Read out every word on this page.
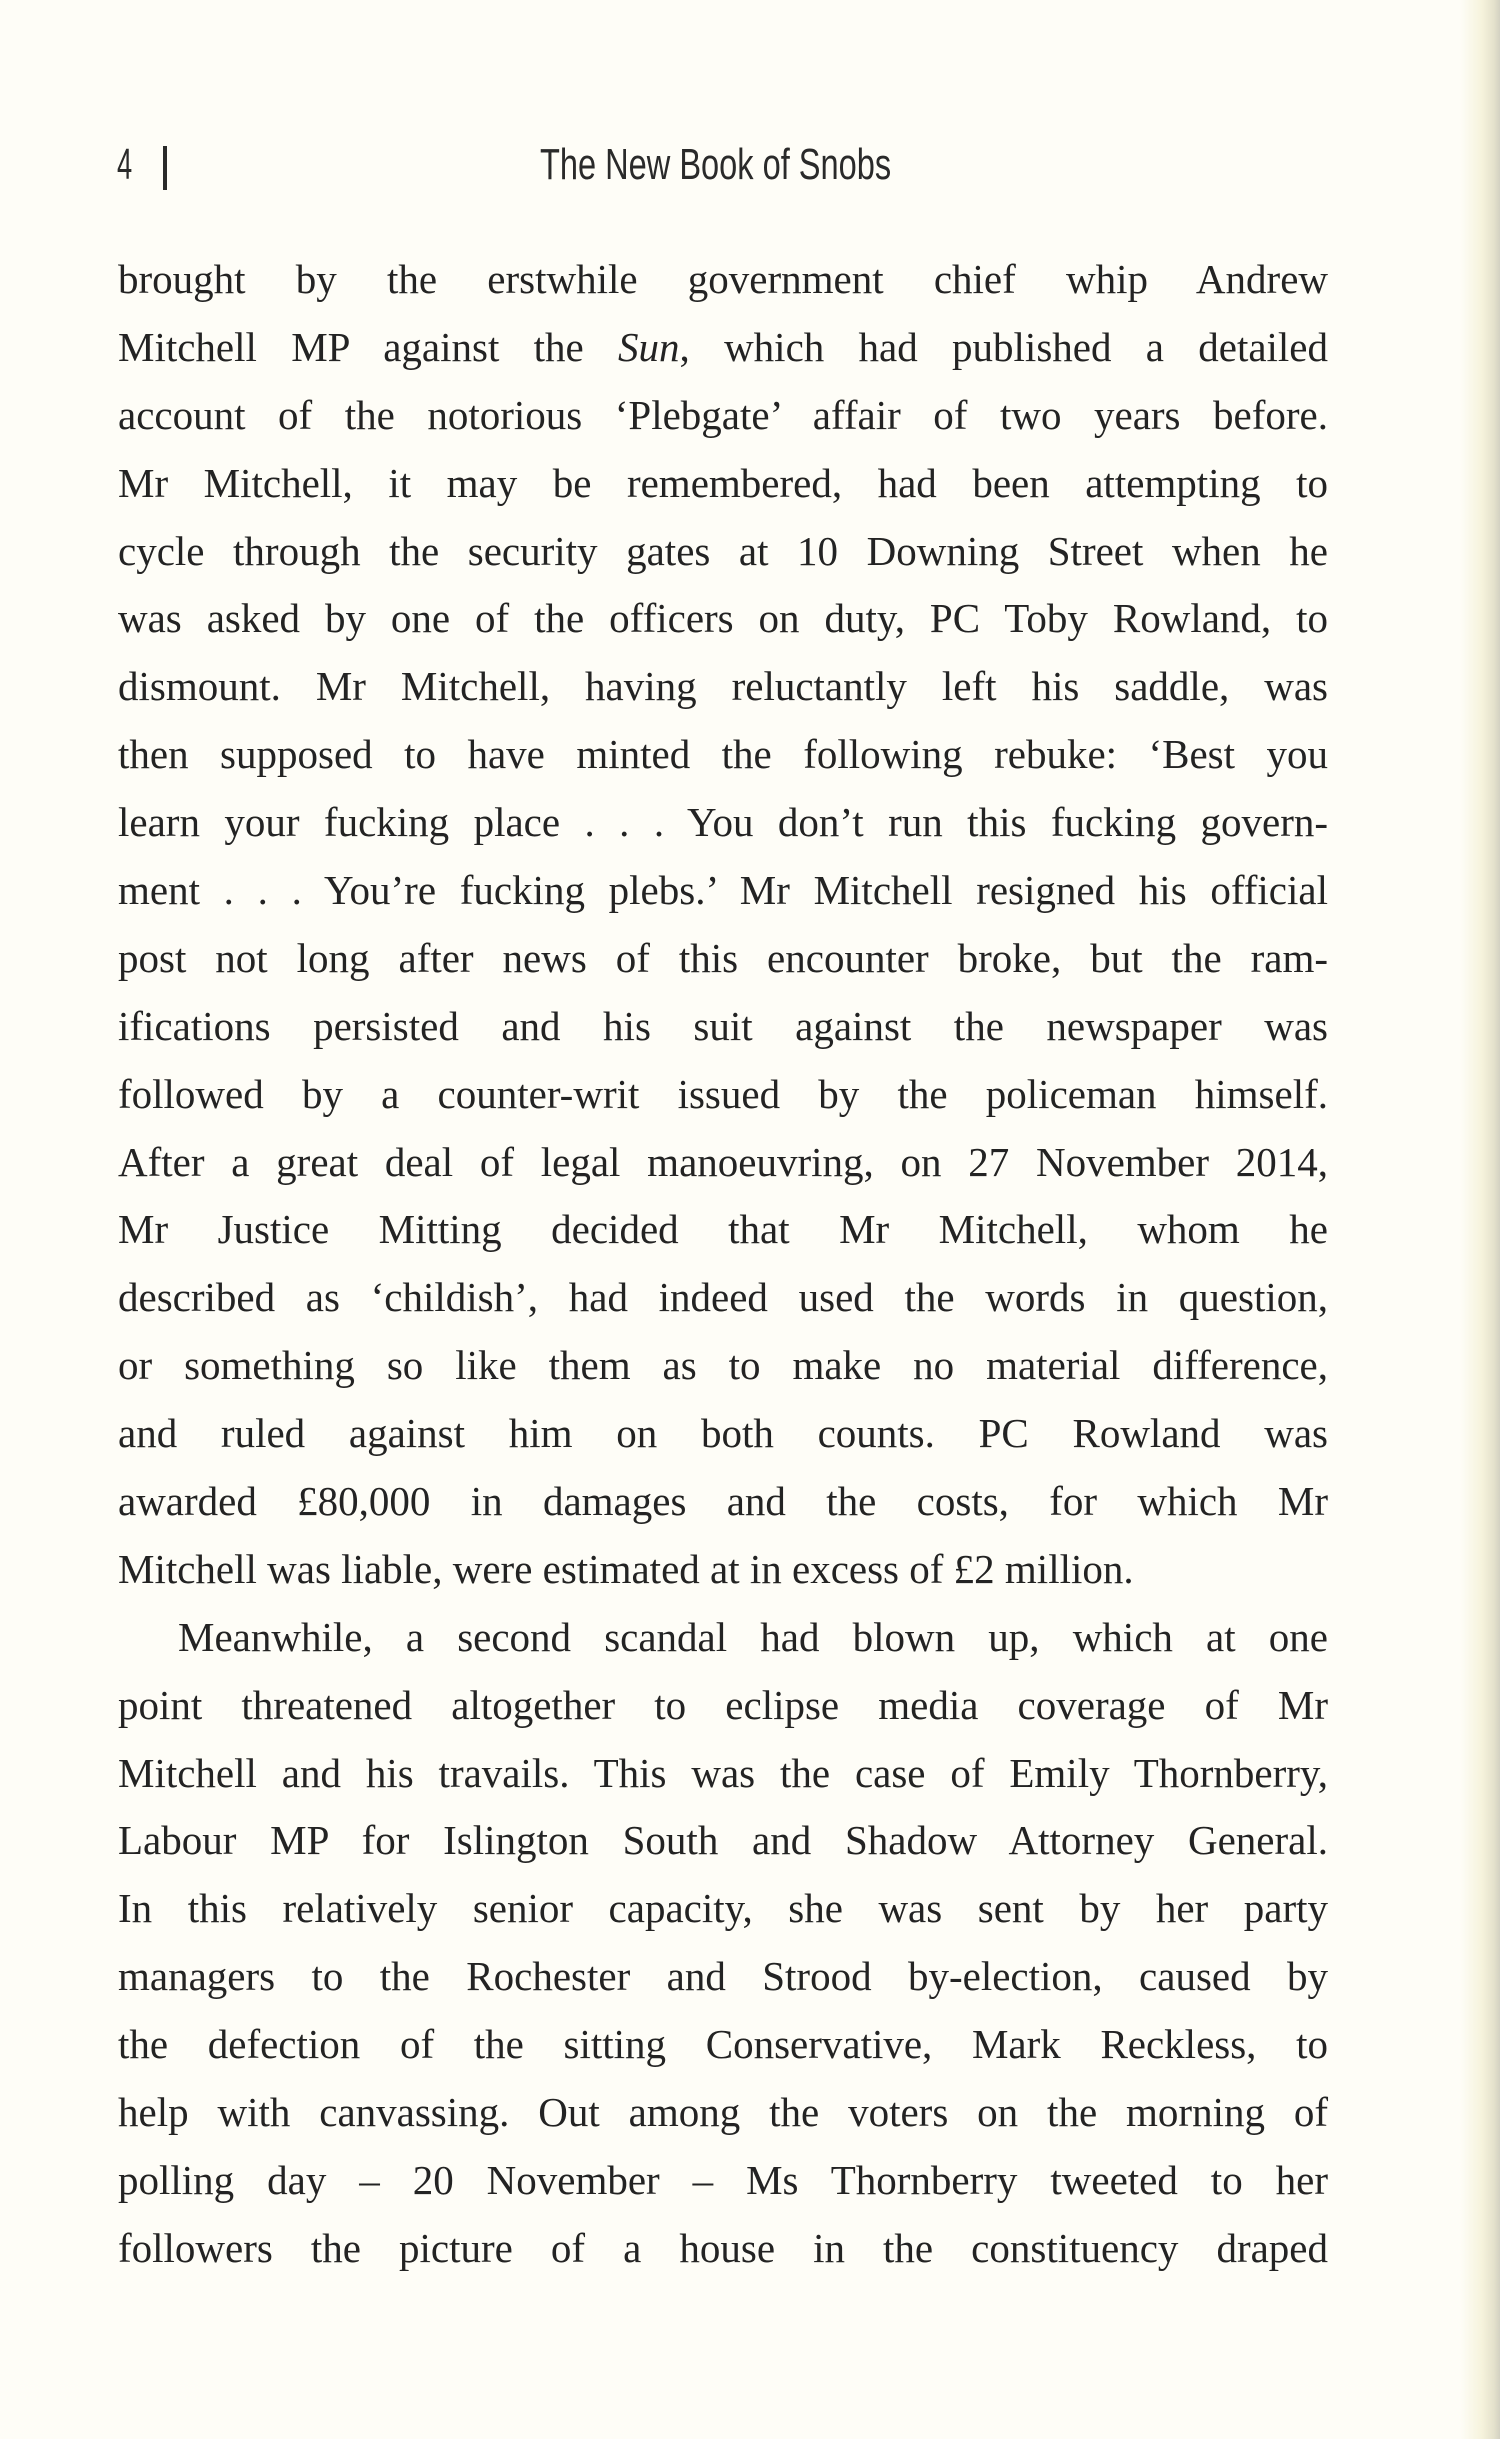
4	The New Book of Snobs
brought by the erstwhile government chief whip Andrew
Mitchell MP against the Sun, which had published a detailed
account of the notorious ‘Plebgate’ affair of two years before.
Mr Mitchell, it may be remembered, had been attempting to
cycle through the security gates at 10 Downing Street when he
was asked by one of the officers on duty, PC Toby Rowland, to
dismount. Mr Mitchell, having reluctantly left his saddle, was
then supposed to have minted the following rebuke: ‘Best you
learn your fucking place . . . You don’t run this fucking govern-
ment . . . You’re fucking plebs.’ Mr Mitchell resigned his official
post not long after news of this encounter broke, but the ram-
ifications persisted and his suit against the newspaper was
followed by a counter-writ issued by the policeman himself.
After a great deal of legal manoeuvring, on 27 November 2014,
Mr Justice Mitting decided that Mr Mitchell, whom he
described as ‘childish’, had indeed used the words in question,
or something so like them as to make no material difference,
and ruled against him on both counts. PC Rowland was
awarded £80,000 in damages and the costs, for which Mr
Mitchell was liable, were estimated at in excess of £2 million.
Meanwhile, a second scandal had blown up, which at one
point threatened altogether to eclipse media coverage of Mr
Mitchell and his travails. This was the case of Emily Thornberry,
Labour MP for Islington South and Shadow Attorney General.
In this relatively senior capacity, she was sent by her party
managers to the Rochester and Strood by-election, caused by
the defection of the sitting Conservative, Mark Reckless, to
help with canvassing. Out among the voters on the morning of
polling day – 20 November – Ms Thornberry tweeted to her
followers the picture of a house in the constituency draped
